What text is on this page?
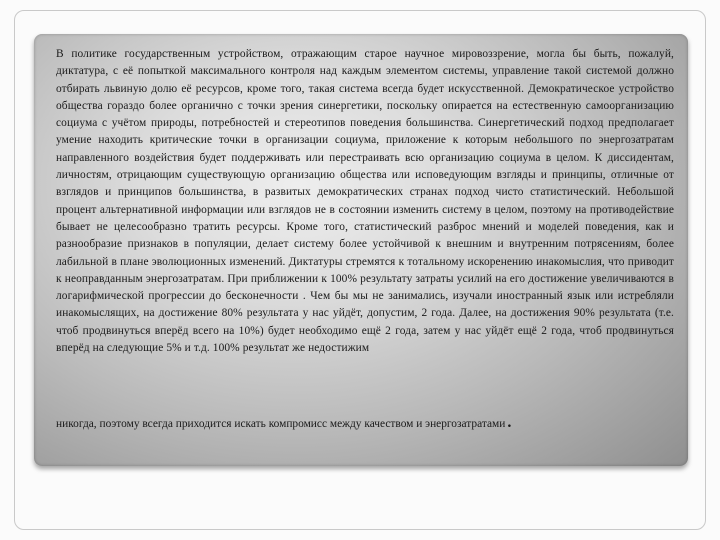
В политике государственным устройством, отражающим старое научное мировоззрение, могла бы быть, пожалуй, диктатура, с её попыткой максимального контроля над каждым элементом системы, управление такой системой должно отбирать львиную долю её ресурсов, кроме того, такая система всегда будет искусственной. Демократическое устройство общества гораздо более органично с точки зрения синергетики, поскольку опирается на естественную самоорганизацию социума с учётом природы, потребностей и стереотипов поведения большинства. Синергетический подход предполагает умение находить критические точки в организации социума, приложение к которым небольшого по энергозатратам направленного воздействия будет поддерживать или перестраивать всю организацию социума в целом. К диссидентам, личностям, отрицающим существующую организацию общества или исповедующим взгляды и принципы, отличные от взглядов и принципов большинства, в развитых демократических странах подход чисто статистический. Небольшой процент альтернативной информации или взглядов не в состоянии изменить систему в целом, поэтому на противодействие бывает не целесообразно тратить ресурсы. Кроме того, статистический разброс мнений и моделей поведения, как и разнообразие признаков в популяции, делает систему более устойчивой к внешним и внутренним потрясениям, более лабильной в плане эволюционных изменений. Диктатуры стремятся к тотальному искоренению инакомыслия, что приводит к неоправданным энергозатратам. При приближении к 100% результату затраты усилий на его достижение увеличиваются в логарифмической прогрессии до бесконечности . Чем бы мы не занимались, изучали иностранный язык или истребляли инакомыслящих, на достижение 80% результата у нас уйдёт, допустим, 2 года. Далее, на достижения 90% результата (т.е. чтоб продвинуться вперёд всего на 10%) будет необходимо ещё 2 года, затем у нас уйдёт ещё 2 года, чтоб продвинуться вперёд на следующие 5% и т.д. 100% результат же недостижим

никогда, поэтому всегда приходится искать компромисс между качеством и энергозатратами .
